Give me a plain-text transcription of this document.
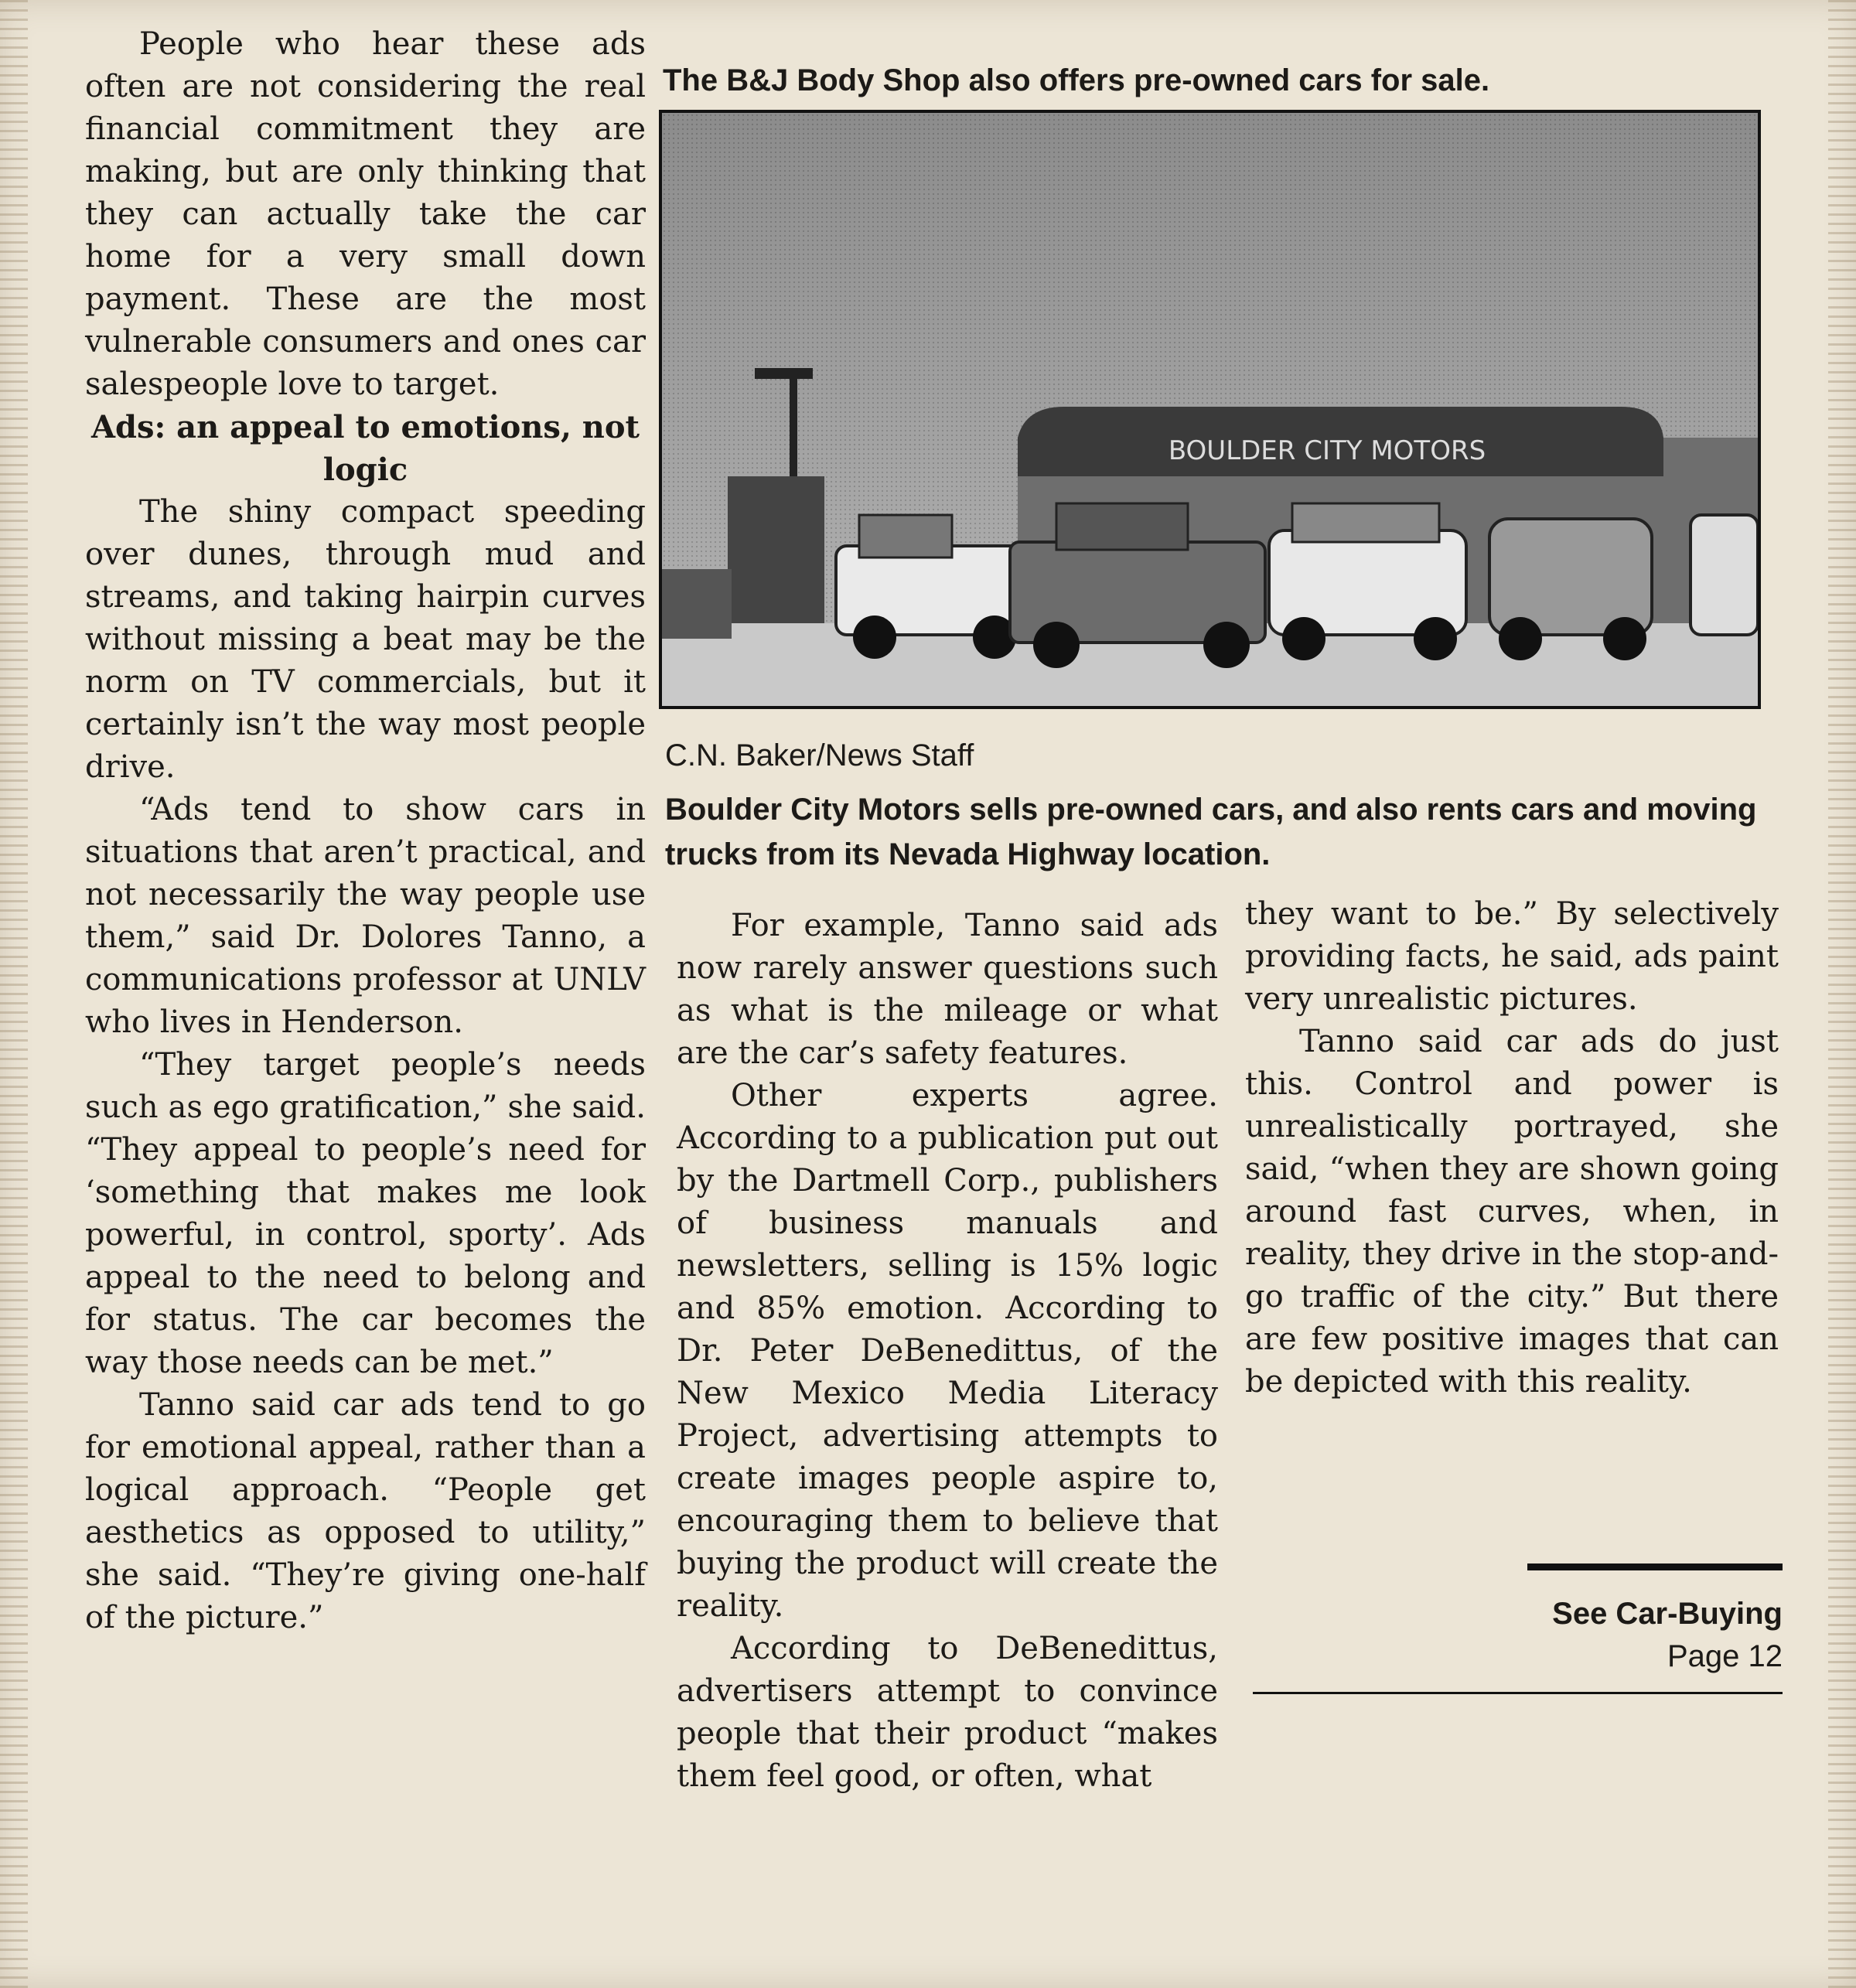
People who hear these ads often are not considering the real financial commitment they are making, but are only thinking that they can actually take the car home for a very small down payment. These are the most vulnerable consumers and ones car salespeople love to target.

Ads: an appeal to emotions, not logic

The shiny compact speeding over dunes, through mud and streams, and taking hairpin curves without missing a beat may be the norm on TV commercials, but it certainly isn’t the way most people drive.

“Ads tend to show cars in situations that aren’t practical, and not necessarily the way people use them,” said Dr. Dolores Tanno, a communications professor at UNLV who lives in Henderson.

“They target people’s needs such as ego gratification,” she said. “They appeal to people’s need for ‘something that makes me look powerful, in control, sporty’. Ads appeal to the need to belong and for status. The car becomes the way those needs can be met.”

Tanno said car ads tend to go for emotional appeal, rather than a logical approach. “People get aesthetics as opposed to utility,” she said. “They’re giving one-half of the picture.”

The B&J Body Shop also offers pre-owned cars for sale.
BOULDER CITY MOTORS
C.N. Baker/News Staff
Boulder City Motors sells pre-owned cars, and also rents cars and moving trucks from its Nevada Highway location.

For example, Tanno said ads now rarely answer questions such as what is the mileage or what are the car’s safety features.

Other experts agree. According to a publication put out by the Dartmell Corp., publishers of business manuals and newsletters, selling is 15% logic and 85% emotion. According to Dr. Peter DeBenedittus, of the New Mexico Media Literacy Project, advertising attempts to create images people aspire to, encouraging them to believe that buying the product will create the reality.

According to DeBenedittus, advertisers attempt to convince people that their product “makes them feel good, or often, what

they want to be.” By selectively providing facts, he said, ads paint very unrealistic pictures.

Tanno said car ads do just this. Control and power is unrealistically portrayed, she said, “when they are shown going around fast curves, when, in reality, they drive in the stop-and-go traffic of the city.” But there are few positive images that can be depicted with this reality.

See Car-Buying
Page 12
